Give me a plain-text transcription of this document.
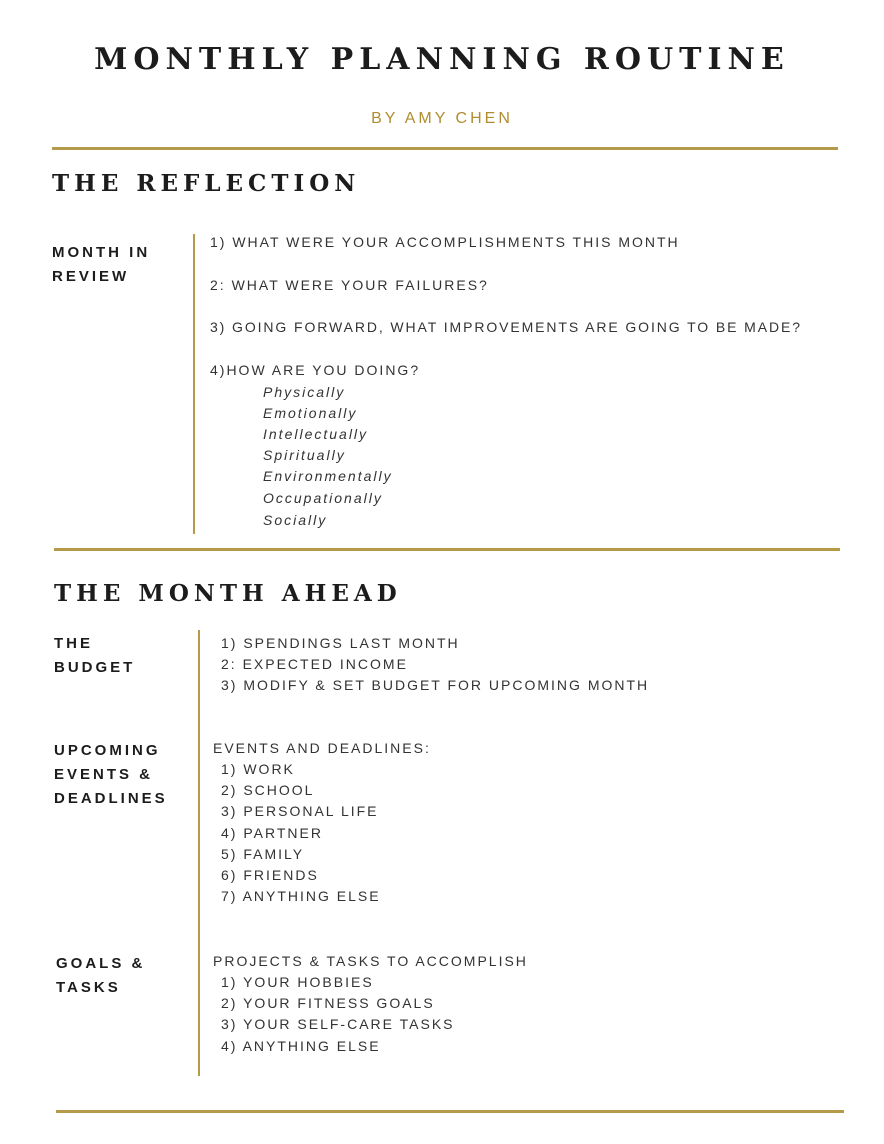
MONTHLY PLANNING ROUTINE
BY AMY CHEN
THE REFLECTION
MONTH IN
REVIEW
1) WHAT WERE YOUR ACCOMPLISHMENTS THIS MONTH
2: WHAT WERE YOUR FAILURES?
3) GOING FORWARD, WHAT IMPROVEMENTS ARE GOING TO BE MADE?
4)HOW ARE YOU DOING?
Physically
Emotionally
Intellectually
Spiritually
Environmentally
Occupationally
Socially
THE MONTH AHEAD
THE
BUDGET
1) SPENDINGS LAST MONTH
2: EXPECTED INCOME
3) MODIFY & SET BUDGET FOR UPCOMING MONTH
UPCOMING
EVENTS &
DEADLINES
EVENTS AND DEADLINES:
1) WORK
2) SCHOOL
3) PERSONAL LIFE
4) PARTNER
5) FAMILY
6) FRIENDS
7) ANYTHING ELSE
GOALS &
TASKS
PROJECTS & TASKS TO ACCOMPLISH
1) YOUR HOBBIES
2) YOUR FITNESS GOALS
3) YOUR SELF-CARE TASKS
4) ANYTHING ELSE
